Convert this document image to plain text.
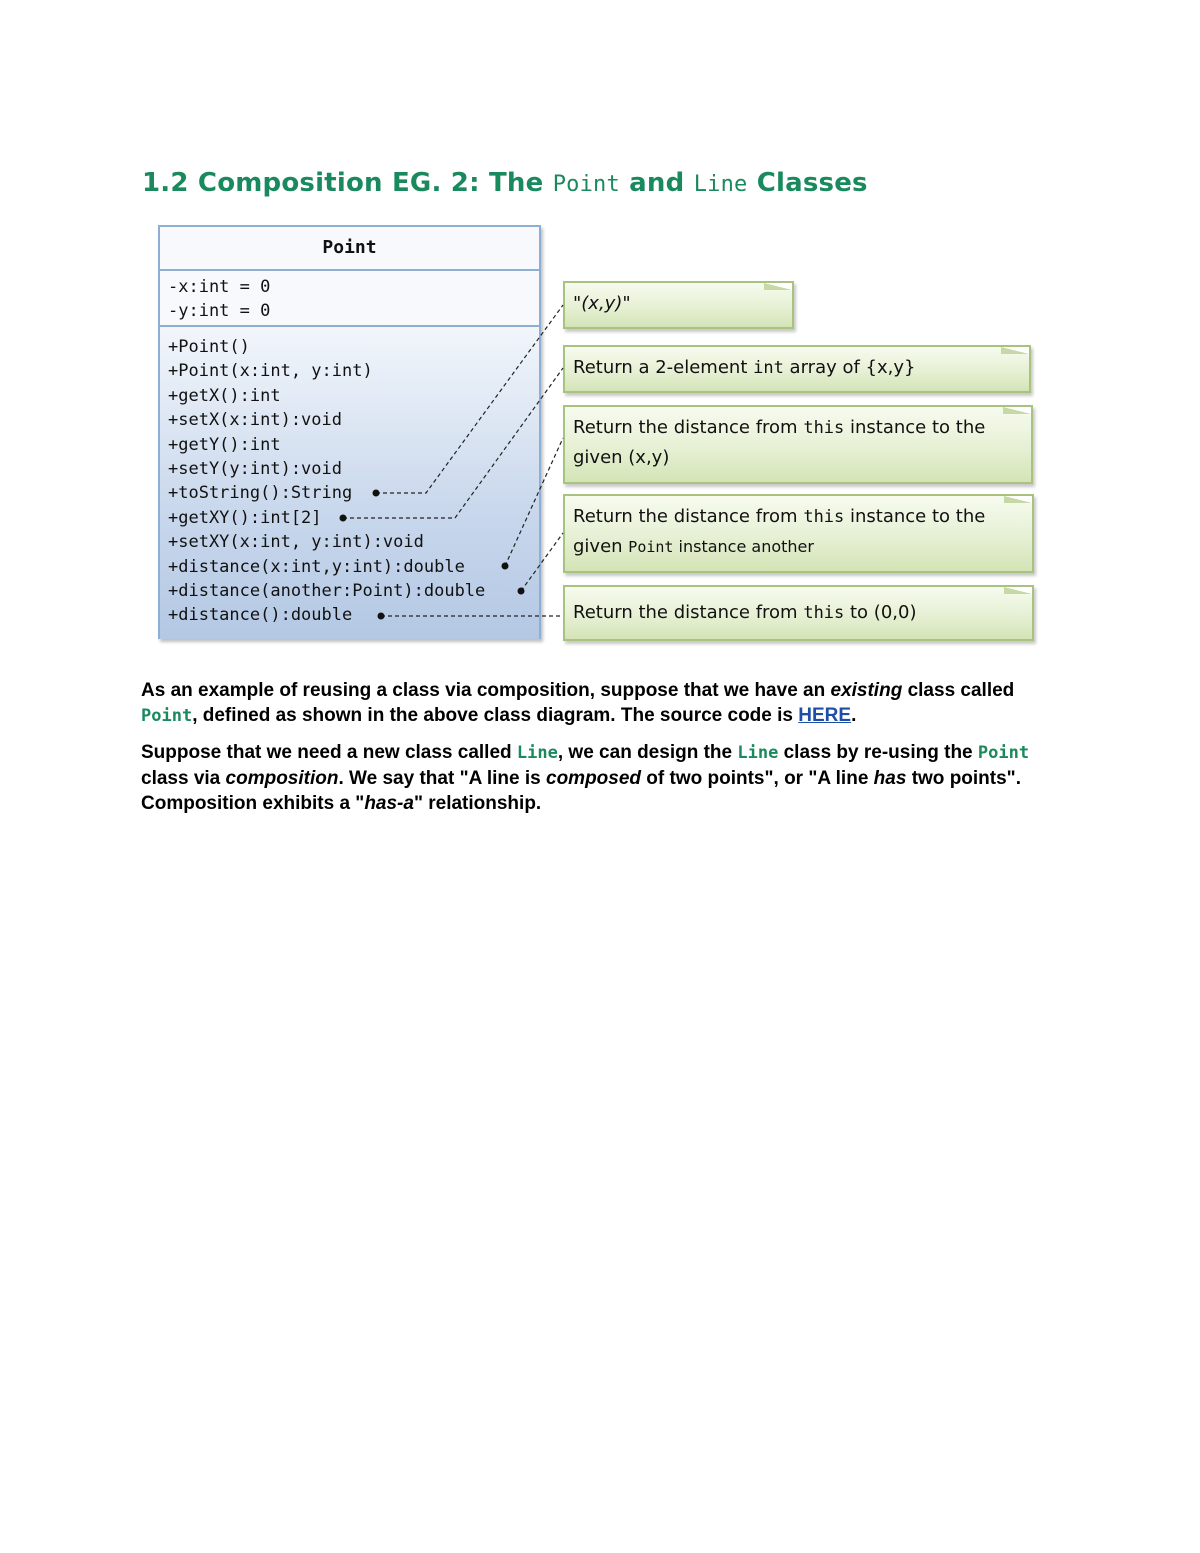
1.2 Composition EG. 2: The Point and Line Classes
Point
-x:int = 0
-y:int = 0
+Point()
+Point(x:int, y:int)
+getX():int
+setX(x:int):void
+getY():int
+setY(y:int):void
+toString():String
+getXY():int[2]
+setXY(x:int, y:int):void
+distance(x:int,y:int):double
+distance(another:Point):double
+distance():double
"(x,y)"
Return a 2-element int array of {x,y}
Return the distance from this instance to the given (x,y)
Return the distance from this instance to the given Point instance another
Return the distance from this to (0,0)

As an example of reusing a class via composition, suppose that we have an existing class called Point, defined as shown in the above class diagram. The source code is HERE.

Suppose that we need a new class called Line, we can design the Line class by re-using the Point class via composition. We say that "A line is composed of two points", or "A line has two points". Composition exhibits a "has-a" relationship.
